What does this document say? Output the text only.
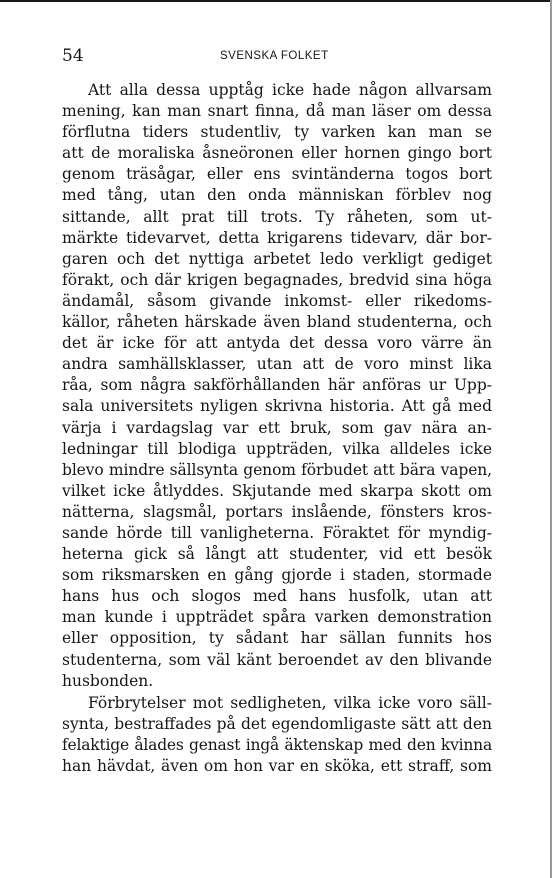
54	SVENSKA FOLKET
Att alla dessa upptåg icke hade någon allvarsam
mening, kan man snart finna, då man läser om dessa
förflutna tiders studentliv, ty varken kan man se
att de moraliska åsneöronen eller hornen gingo bort
genom träsågar, eller ens svintänderna togos bort
med tång, utan den onda människan förblev nog
sittande, allt prat till trots. Ty råheten, som ut-
märkte tidevarvet, detta krigarens tidevarv, där bor-
garen och det nyttiga arbetet ledo verkligt gediget
förakt, och där krigen begagnades, bredvid sina höga
ändamål, såsom givande inkomst- eller rikedoms-
källor, råheten härskade även bland studenterna, och
det är icke för att antyda det dessa voro värre än
andra samhällsklasser, utan att de voro minst lika
råa, som några sakförhållanden här anföras ur Upp-
sala universitets nyligen skrivna historia. Att gå med
värja i vardagslag var ett bruk, som gav nära an-
ledningar till blodiga uppträden, vilka alldeles icke
blevo mindre sällsynta genom förbudet att bära vapen,
vilket icke åtlyddes. Skjutande med skarpa skott om
nätterna, slagsmål, portars inslående, fönsters kros-
sande hörde till vanligheterna. Föraktet för myndig-
heterna gick så långt att studenter, vid ett besök
som riksmarsken en gång gjorde i staden, stormade
hans hus och slogos med hans husfolk, utan att
man kunde i uppträdet spåra varken demonstration
eller opposition, ty sådant har sällan funnits hos
studenterna, som väl känt beroendet av den blivande
husbonden.
Förbrytelser mot sedligheten, vilka icke voro säll-
synta, bestraffades på det egendomligaste sätt att den
felaktige ålades genast ingå äktenskap med den kvinna
han hävdat, även om hon var en sköka, ett straff, som
